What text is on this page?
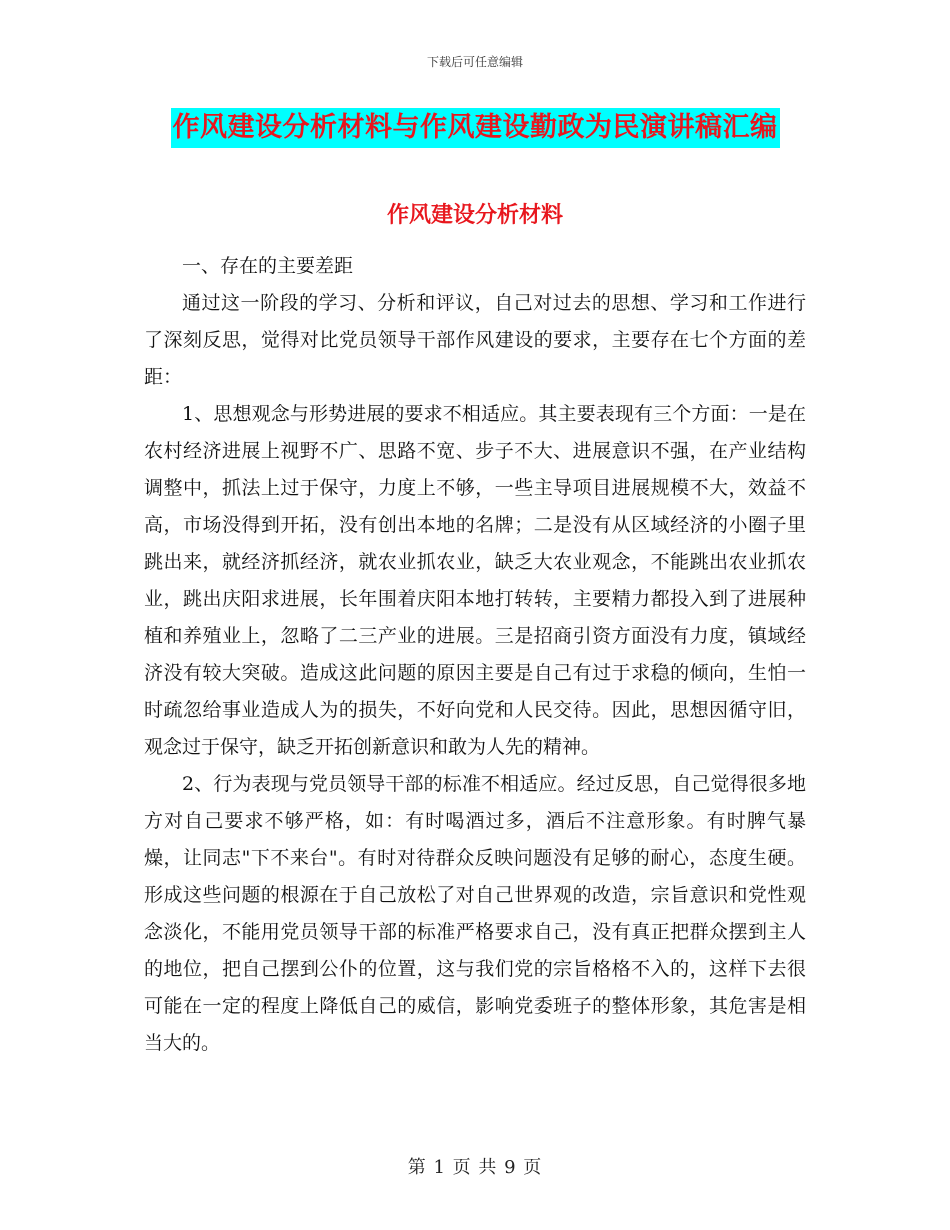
下载后可任意编辑
作风建设分析材料与作风建设勤政为民演讲稿汇编
作风建设分析材料

一、存在的主要差距

通过这一阶段的学习、分析和评议，自己对过去的思想、学习和工作进行了深刻反思，觉得对比党员领导干部作风建设的要求，主要存在七个方面的差距：

1、思想观念与形势进展的要求不相适应。其主要表现有三个方面：一是在农村经济进展上视野不广、思路不宽、步子不大、进展意识不强，在产业结构调整中，抓法上过于保守，力度上不够，一些主导项目进展规模不大，效益不高，市场没得到开拓，没有创出本地的名牌；二是没有从区域经济的小圈子里跳出来，就经济抓经济，就农业抓农业，缺乏大农业观念，不能跳出农业抓农业，跳出庆阳求进展，长年围着庆阳本地打转转，主要精力都投入到了进展种植和养殖业上，忽略了二三产业的进展。三是招商引资方面没有力度，镇域经济没有较大突破。造成这此问题的原因主要是自己有过于求稳的倾向，生怕一时疏忽给事业造成人为的损失，不好向党和人民交待。因此，思想因循守旧，观念过于保守，缺乏开拓创新意识和敢为人先的精神。

2、行为表现与党员领导干部的标准不相适应。经过反思，自己觉得很多地方对自己要求不够严格，如：有时喝酒过多，酒后不注意形象。有时脾气暴燥，让同志"下不来台"。有时对待群众反映问题没有足够的耐心，态度生硬。形成这些问题的根源在于自己放松了对自己世界观的改造，宗旨意识和党性观念淡化，不能用党员领导干部的标准严格要求自己，没有真正把群众摆到主人的地位，把自己摆到公仆的位置，这与我们党的宗旨格格不入的，这样下去很可能在一定的程度上降低自己的威信，影响党委班子的整体形象，其危害是相当大的。

第 1 页 共 9 页
